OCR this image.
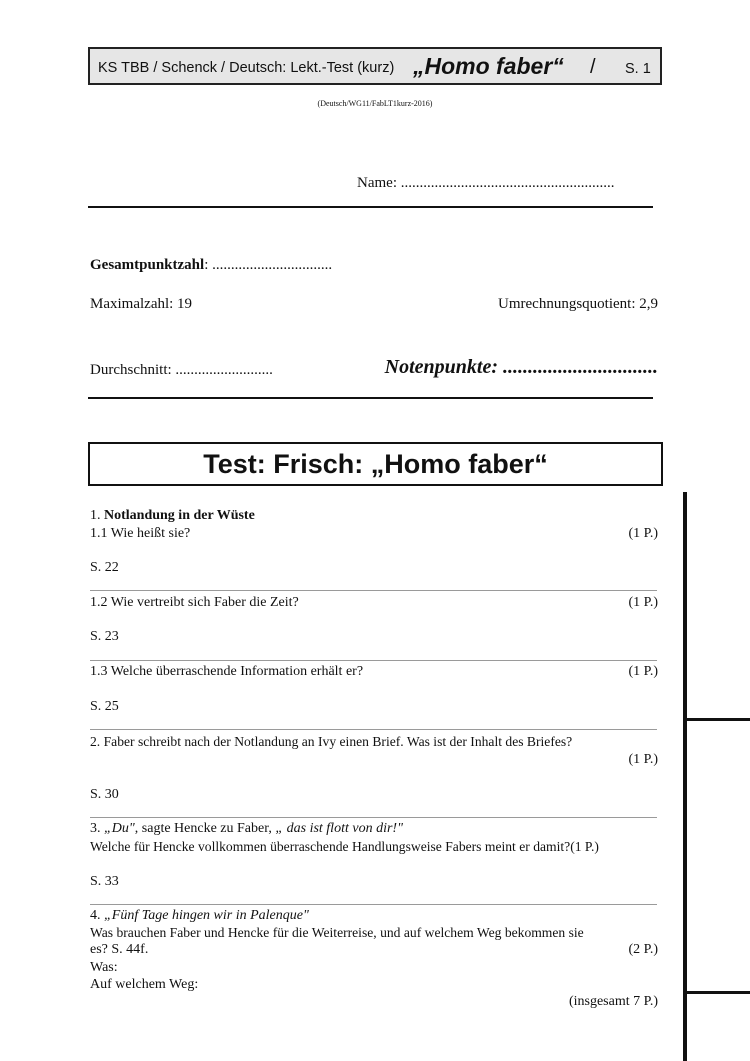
KS TBB / Schenck / Deutsch: Lekt.-Test (kurz) „Homo faber“ / S. 1
(Deutsch/WG11/FabLT1kurz-2016)
Name: .........................................................
Gesamtpunktzahl: ................................
Maximalzahl: 19	Umrechnungsquotient: 2,9
Durchschnitt: ..........................	Notenpunkte: ...............................
Test: Frisch: „Homo faber“
1. Notlandung in der Wüste
1.1 Wie heißt sie?	(1 P.)
S. 22
1.2 Wie vertreibt sich Faber die Zeit?	(1 P.)
S. 23
1.3 Welche überraschende Information erhält er?	(1 P.)
S. 25
2. Faber schreibt nach der Notlandung an Ivy einen Brief. Was ist der Inhalt des Briefes?
(1 P.)
S. 30
3. „Du", sagte Hencke zu Faber, „ das ist flott von dir!"
Welche für Hencke vollkommen überraschende Handlungsweise Fabers meint er damit?(1 P.)
S. 33
4. „Fünf Tage hingen wir in Palenque"
Was brauchen Faber und Hencke für die Weiterreise, und auf welchem Weg bekommen sie
es? S. 44f.	(2 P.)
Was:
Auf welchem Weg:
(insgesamt 7 P.)
